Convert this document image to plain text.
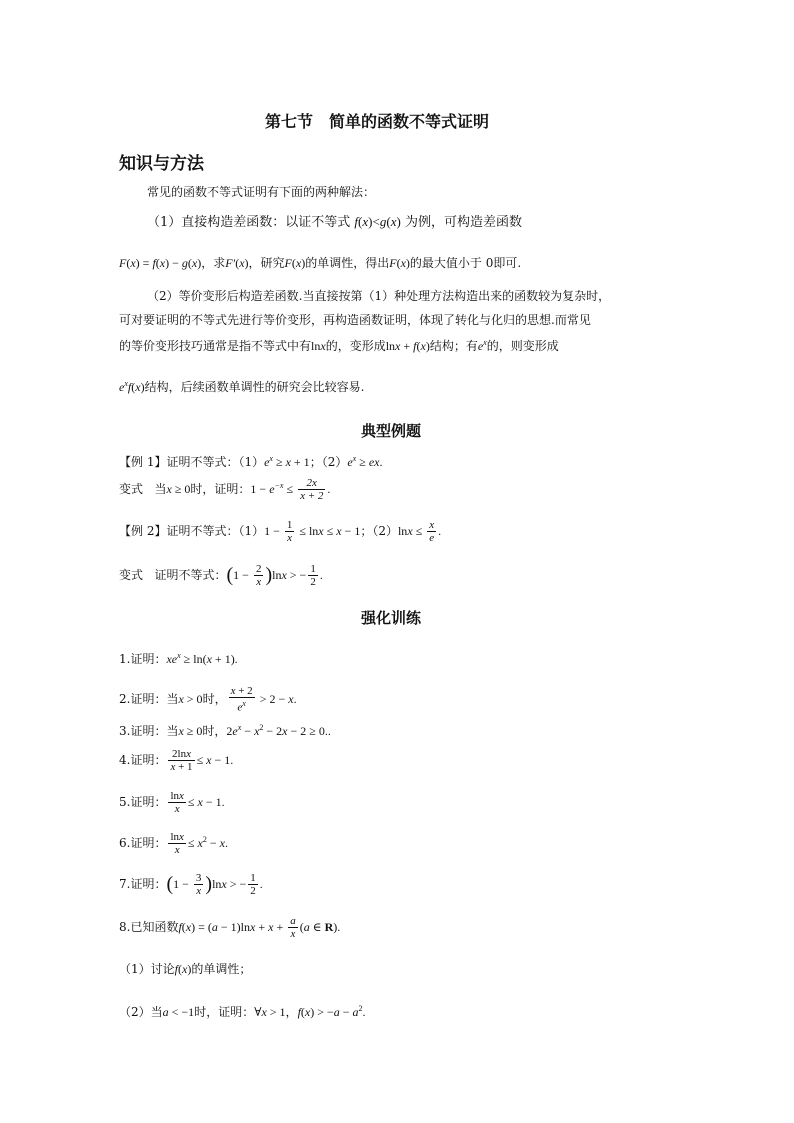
第七节　简单的函数不等式证明
知识与方法
常见的函数不等式证明有下面的两种解法：
（1）直接构造差函数：以证不等式 f(x)<g(x) 为例，可构造差函数
F(x) = f(x) − g(x)，求F′(x)，研究F(x)的单调性，得出F(x)的最大值小于 0即可.
（2）等价变形后构造差函数.当直接按第（1）种处理方法构造出来的函数较为复杂时，
可对要证明的不等式先进行等价变形，再构造函数证明，体现了转化与化归的思想.而常见
的等价变形技巧通常是指不等式中有lnx的，变形成lnx + f(x)结构；有$e^x$的，则变形成
$e^xf(x)$结构，后续函数单调性的研究会比较容易.
典型例题
【例 1】证明不等式：$(1)e^x \ge x + 1$；$(2)e^x$ ≥ ex.
变式 当x ≥ 0时，证明：$1 - e^{-x} \le \frac{2x}{x + 2}$ .
【例 2】证明不等式：$(1)1 - \frac{1}{x} \le \ln x \le x - 1$；$(2)\ln x \le \frac{x}{e}$ .
变式 证明不等式：$(1 - \frac{2}{x} )\ln x$ > − $\frac{1}{2}$ .
强化训练
1.证明：$xe^x \ge \ln(x + 1)$.
2.证明：当x > 0时， $\frac{x + 2}{e^x} > 2 - x$.
3.证明：当x ≥ 0时，$2e^x - x^2 - 2x - 2 \ge 0$..
4.证明： $\frac{2\ln x}{x + 1} \le x - 1$.
5.证明： $\frac{\ln x}{x} \le x - 1$.
6.证明： $\frac{\ln x}{x} \le x^2 - x$.
7.证明：$(1 - \frac{3}{x} )\ln x$ > − $\frac{1}{2}$ .
8.已知函数$f(x) = (a - 1)\ln x + x + \frac{a}{x} (a$ ∈ R).
（1）讨论f(x)的单调性；
（2）当a < −1时，证明：∀x > 1，$f(x) > -a - a^2$.
